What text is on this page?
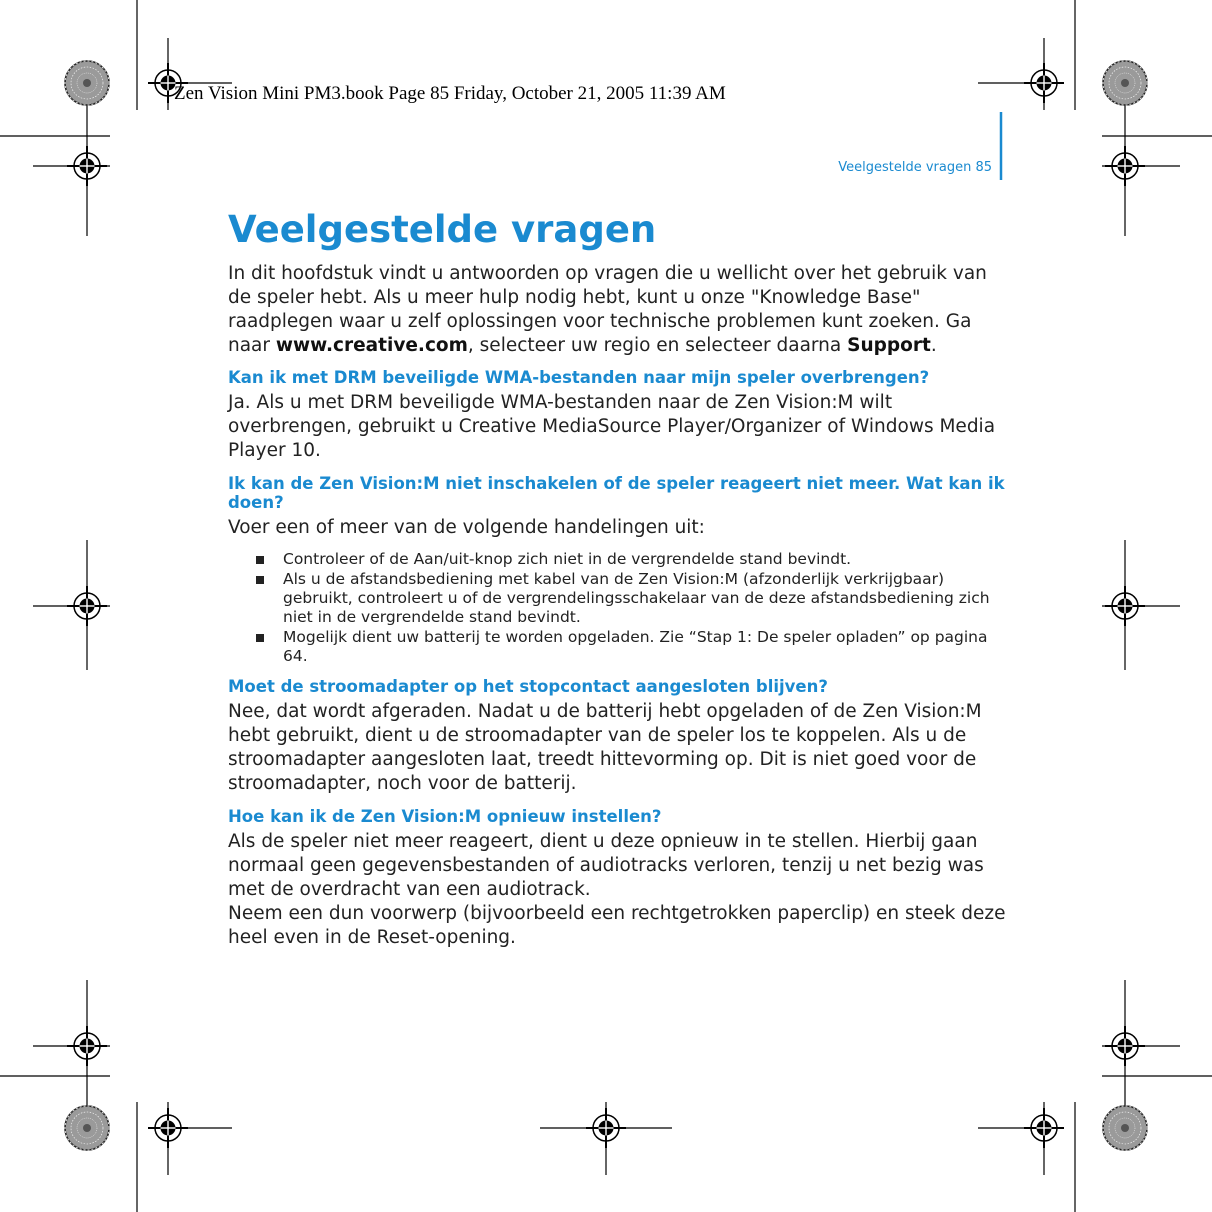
Zen Vision Mini PM3.book Page 85 Friday, October 21, 2005 11:39 AM
Veelgestelde vragen 85
Veelgestelde vragen

In dit hoofdstuk vindt u antwoorden op vragen die u wellicht over het gebruik van de speler hebt. Als u meer hulp nodig hebt, kunt u onze "Knowledge Base" raadplegen waar u zelf oplossingen voor technische problemen kunt zoeken. Ga naar www.creative.com, selecteer uw regio en selecteer daarna Support.

Kan ik met DRM beveiligde WMA-bestanden naar mijn speler overbrengen?

Ja. Als u met DRM beveiligde WMA-bestanden naar de Zen Vision:M wilt overbrengen, gebruikt u Creative MediaSource Player/Organizer of Windows Media Player 10.

Ik kan de Zen Vision:M niet inschakelen of de speler reageert niet meer. Wat kan ik doen?

Voer een of meer van de volgende handelingen uit:

Controleer of de Aan/uit-knop zich niet in de vergrendelde stand bevindt.
Als u de afstandsbediening met kabel van de Zen Vision:M (afzonderlijk verkrijgbaar) gebruikt, controleert u of de vergrendelingsschakelaar van de deze afstandsbediening zich niet in de vergrendelde stand bevindt.
Mogelijk dient uw batterij te worden opgeladen. Zie “Stap 1: De speler opladen” op pagina 64.
Moet de stroomadapter op het stopcontact aangesloten blijven?

Nee, dat wordt afgeraden. Nadat u de batterij hebt opgeladen of de Zen Vision:M hebt gebruikt, dient u de stroomadapter van de speler los te koppelen. Als u de stroomadapter aangesloten laat, treedt hittevorming op. Dit is niet goed voor de stroomadapter, noch voor de batterij.

Hoe kan ik de Zen Vision:M opnieuw instellen?

Als de speler niet meer reageert, dient u deze opnieuw in te stellen. Hierbij gaan normaal geen gegevensbestanden of audiotracks verloren, tenzij u net bezig was met de overdracht van een audiotrack.

Neem een dun voorwerp (bijvoorbeeld een rechtgetrokken paperclip) en steek deze heel even in de Reset-opening.
